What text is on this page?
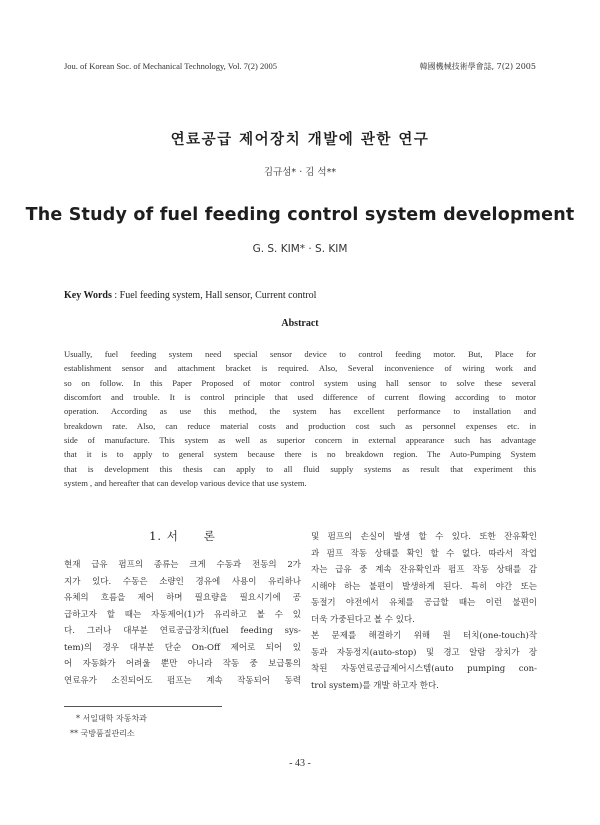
Jou. of Korean Soc. of Mechanical Technology, Vol. 7(2) 2005	韓國機械技術學會誌, 7(2) 2005
연료공급 제어장치 개발에 관한 연구
김규섬* · 김 석**
The Study of fuel feeding control system development
G. S. KIM* · S. KIM
Key Words : Fuel feeding system, Hall sensor, Current control
Abstract
Usually, fuel feeding system need special sensor device to control feeding motor. But, Place for
establishment sensor and attachment bracket is required. Also, Several inconvenience of wiring work and
so on follow. In this Paper Proposed of motor control system using hall sensor to solve these several
discomfort and trouble. It is control principle that used difference of current flowing according to motor
operation. According as use this method, the system has excellent performance to installation and
breakdown rate. Also, can reduce material costs and production cost such as personnel expenses etc. in
side of manufacture. This system as well as superior concern in external appearance such has advantage
that it is to apply to general system because there is no breakdown region. The Auto-Pumping System
that is development this thesis can apply to all fluid supply systems as result that experiment this
system , and hereafter that can develop various device that use system.
1. 서　　론
현재 급유 펌프의 종류는 크게 수동과 전동의 2가
지가 있다. 수동은 소량인 경유에 사용이 유리하나
유체의 흐름을 제어 하며 필요량을 필요시기에 공
급하고자 할 때는 자동제어(1)가 유리하고 볼 수 있
다. 그러나 대부분 연료공급장치(fuel feeding sys-
tem)의 경우 대부분 단순 On-Off 제어로 되어 있
어 자동화가 어려울 뿐만 아니라 작동 중 보급통의
연료유가 소진되어도 펌프는 계속 작동되어 동력
및 펌프의 손실이 발생 할 수 있다. 또한 잔유확인
과 펌프 작동 상태를 확인 할 수 없다. 따라서 작업
자는 급유 중 계속 잔유확인과 펌프 작동 상태를 감
시해야 하는 불편이 발생하게 된다. 특히 야간 또는
동절기 야전에서 유체를 공급할 때는 이런 불편이
더욱 가중된다고 볼 수 있다.
본 문제를 해결하기 위해 원 터치(one-touch)작
동과 자동정지(auto-stop) 및 경고 알람 장치가 장
착된 자동연료공급제어시스템(auto pumping con-
trol system)를 개발 하고자 한다.
* 서일대학 자동차과
** 국방품질관리소
- 43 -
